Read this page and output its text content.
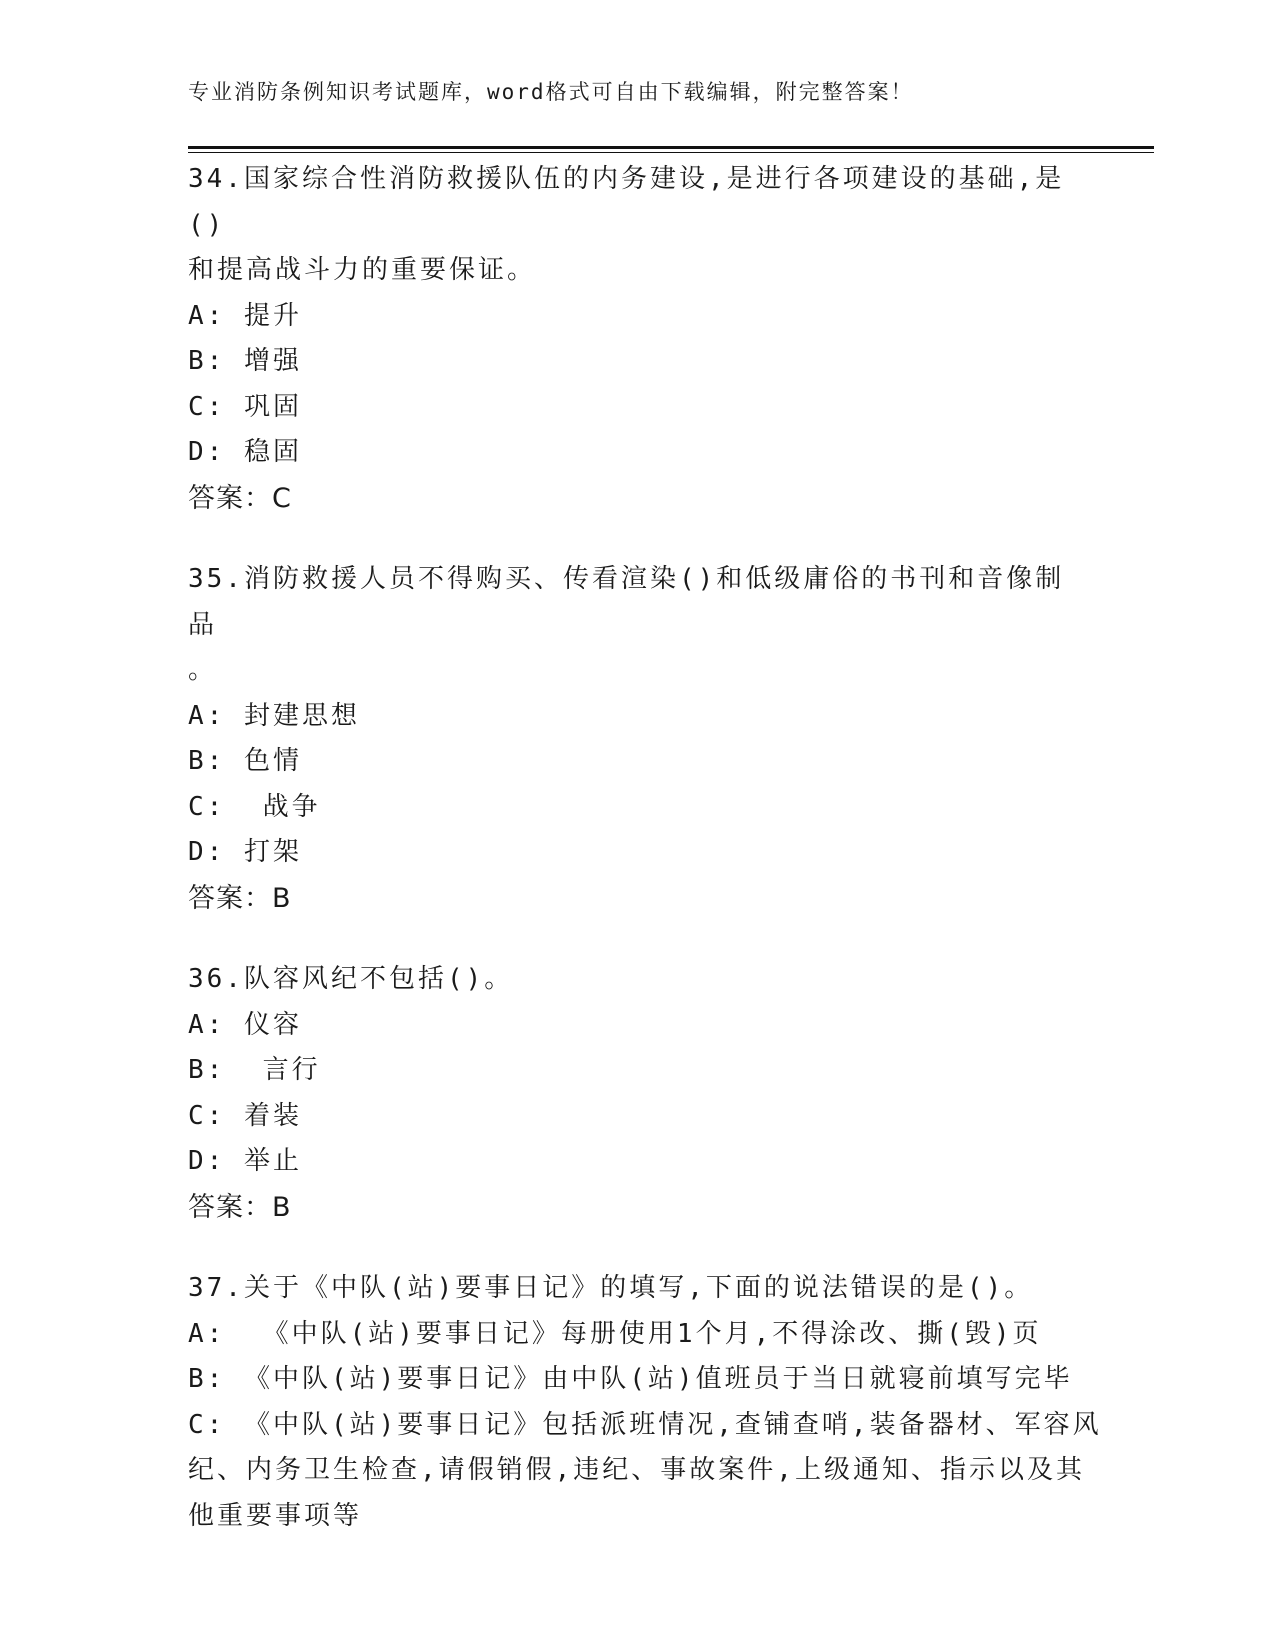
专业消防条例知识考试题库，word格式可自由下载编辑，附完整答案！
34.国家综合性消防救援队伍的内务建设,是进行各项建设的基础,是()
和提高战斗力的重要保证。
A: 提升
B: 增强
C: 巩固
D: 稳固
答案：C
35.消防救援人员不得购买、传看渲染()和低级庸俗的书刊和音像制品
。
A: 封建思想
B: 色情
C:  战争
D: 打架
答案：B
36.队容风纪不包括()。
A: 仪容
B:  言行
C: 着装
D: 举止
答案：B
37.关于《中队(站)要事日记》的填写,下面的说法错误的是()。
A:  《中队(站)要事日记》每册使用1个月,不得涂改、撕(毁)页
B: 《中队(站)要事日记》由中队(站)值班员于当日就寝前填写完毕
C: 《中队(站)要事日记》包括派班情况,查铺查哨,装备器材、军容风
纪、内务卫生检查,请假销假,违纪、事故案件,上级通知、指示以及其
他重要事项等
